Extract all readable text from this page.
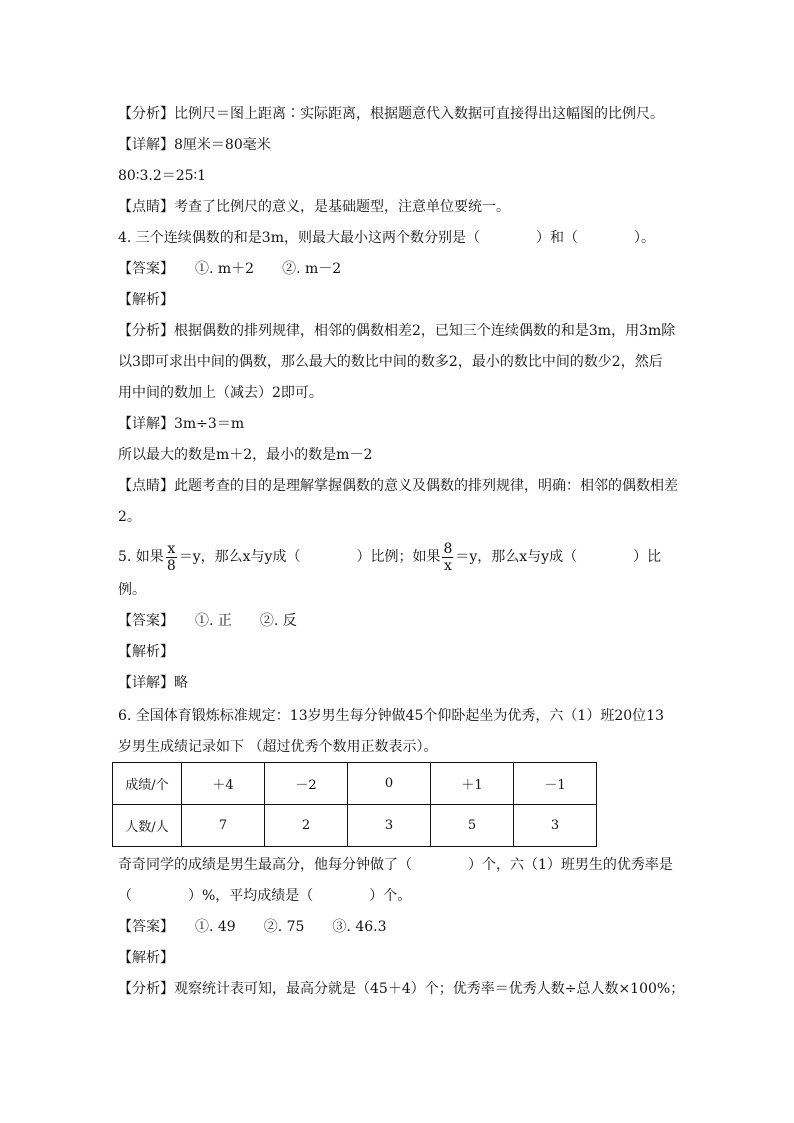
【分析】比例尺＝图上距离∶实际距离，根据题意代入数据可直接得出这幅图的比例尺。
【详解】8厘米＝80毫米
80∶3.2＝25∶1
【点睛】考查了比例尺的意义，是基础题型，注意单位要统一。
4. 三个连续偶数的和是3m，则最大最小这两个数分别是（　　　　）和（　　　　）。
【答案】　　①. m＋2　　②. m－2
【解析】
【分析】根据偶数的排列规律，相邻的偶数相差2，已知三个连续偶数的和是3m，用3m除
以3即可求出中间的偶数，那么最大的数比中间的数多2，最小的数比中间的数少2，然后
用中间的数加上（减去）2即可。
【详解】3m÷3＝m
所以最大的数是m＋2，最小的数是m－2
【点睛】此题考查的目的是理解掌握偶数的意义及偶数的排列规律，明确：相邻的偶数相差
2。
5. 如果 $\frac{x}{8} =y$，那么x与y成（　　　　）比例；如果 $\frac{8}{x} =y$，那么x与y成（　　　　）比
例。
【答案】　　①. 正　　②. 反
【解析】
【详解】略
6. 全国体育锻炼标准规定：13岁男生每分钟做45个仰卧起坐为优秀，六（1）班20位13
岁男生成绩记录如下 （超过优秀个数用正数表示）。
成绩/个	＋4	－2	0	＋1	－1
人数/人	7	2	3	5	3
奇奇同学的成绩是男生最高分，他每分钟做了（　　　　）个，六（1）班男生的优秀率是
（　　　　）%，平均成绩是（　　　　）个。
【答案】　　①. 49　　②. 75　　③. 46.3
【解析】
【分析】观察统计表可知，最高分就是（45＋4）个；优秀率＝优秀人数÷总人数×100%；
